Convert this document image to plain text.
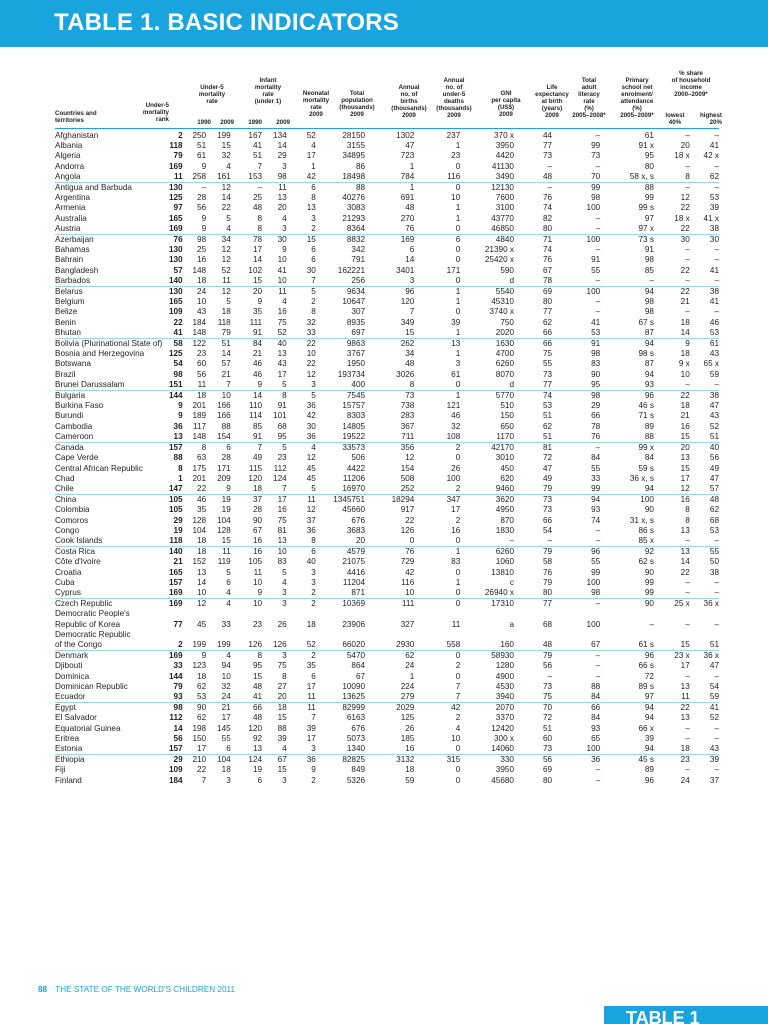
TABLE 1. BASIC INDICATORS
Countries and
territories
Under-5
mortality
rank
Under-5
mortality
rate
Infant
mortality
rate
(under 1)
Neonatal
mortality
rate
2009
Total
population
(thousands)
2009
Annual
no. of
births
(thousands)
2009
Annual
no. of
under-5
deaths
(thousands)
2009
GNI
per capita
(US$)
2009
Life
expectancy
at birth
(years)
2009
Total
adult
literacy
rate
(%)
2005–2008*
Primary
school net
enrolment/
attendance
(%)
2005–2009*
% share
of household
income
2000–2009*
1990	2009	1990	2009
lowest
40%
highest
20%
Afghanistan	2	250	199	167	134	52	28150	1302	237	370 x	44	–	61	–	–
Albania	118	51	15	41	14	4	3155	47	1	3950	77	99	91 x	20	41
Algeria	79	61	32	51	29	17	34895	723	23	4420	73	73	95	18 x	42 x
Andorra	169	9	4	7	3	1	86	1	0	41130	–	–	80	–	–
Angola	11	258	161	153	98	42	18498	784	116	3490	48	70	58 x, s	8	62
Antigua and Barbuda	130	–	12	–	11	6	88	1	0	12130	–	99	88	–	–
Argentina	125	28	14	25	13	8	40276	691	10	7600	76	98	99	12	53
Armenia	97	56	22	48	20	13	3083	48	1	3100	74	100	99 s	22	39
Australia	165	9	5	8	4	3	21293	270	1	43770	82	–	97	18 x	41 x
Austria	169	9	4	8	3	2	8364	76	0	46850	80	–	97 x	22	38
Azerbaijan	76	98	34	78	30	15	8832	169	6	4840	71	100	73 s	30	30
Bahamas	130	25	12	17	9	6	342	6	0	21390 x	74	–	91	–	–
Bahrain	130	16	12	14	10	6	791	14	0	25420 x	76	91	98	–	–
Bangladesh	57	148	52	102	41	30	162221	3401	171	590	67	55	85	22	41
Barbados	140	18	11	15	10	7	256	3	0	d	78	–	–	–	–
Belarus	130	24	12	20	11	5	9634	96	1	5540	69	100	94	22	38
Belgium	165	10	5	9	4	2	10647	120	1	45310	80	–	98	21	41
Belize	109	43	18	35	16	8	307	7	0	3740 x	77	–	98	–	–
Benin	22	184	118	111	75	32	8935	349	39	750	62	41	67 s	18	46
Bhutan	41	148	79	91	52	33	697	15	1	2020	66	53	87	14	53
Bolivia (Plurinational State of)	58	122	51	84	40	22	9863	262	13	1630	66	91	94	9	61
Bosnia and Herzegovina	125	23	14	21	13	10	3767	34	1	4700	75	98	98 s	18	43
Botswana	54	60	57	46	43	22	1950	48	3	6260	55	83	87	9 x	65 x
Brazil	98	56	21	46	17	12	193734	3026	61	8070	73	90	94	10	59
Brunei Darussalam	151	11	7	9	5	3	400	8	0	d	77	95	93	–	–
Bulgaria	144	18	10	14	8	5	7545	73	1	5770	74	98	96	22	38
Burkina Faso	9	201	166	110	91	36	15757	738	121	510	53	29	46 s	18	47
Burundi	9	189	166	114	101	42	8303	283	46	150	51	66	71 s	21	43
Cambodia	36	117	88	85	68	30	14805	367	32	650	62	78	89	16	52
Cameroon	13	148	154	91	95	36	19522	711	108	1170	51	76	88	15	51
Canada	157	8	6	7	5	4	33573	356	2	42170	81	–	99 x	20	40
Cape Verde	88	63	28	49	23	12	506	12	0	3010	72	84	84	13	56
Central African Republic	8	175	171	115	112	45	4422	154	26	450	47	55	59 s	15	49
Chad	1	201	209	120	124	45	11206	508	100	620	49	33	36 x, s	17	47
Chile	147	22	9	18	7	5	16970	252	2	9460	79	99	94	12	57
China	105	46	19	37	17	11	1345751	18294	347	3620	73	94	100	16	48
Colombia	105	35	19	28	16	12	45660	917	17	4950	73	93	90	8	62
Comoros	29	128	104	90	75	37	676	22	2	870	66	74	31 x, s	8	68
Congo	19	104	128	67	81	36	3683	126	16	1830	54	–	86 s	13	53
Cook Islands	118	18	15	16	13	8	20	0	0	–	–	–	85 x	–	–
Costa Rica	140	18	11	16	10	6	4579	76	1	6260	79	96	92	13	55
Côte d'Ivoire	21	152	119	105	83	40	21075	729	83	1060	58	55	62 s	14	50
Croatia	165	13	5	11	5	3	4416	42	0	13810	76	99	90	22	38
Cuba	157	14	6	10	4	3	11204	116	1	c	79	100	99	–	–
Cyprus	169	10	4	9	3	2	871	10	0	26940 x	80	98	99	–	–
Czech Republic	169	12	4	10	3	2	10369	111	0	17310	77	–	90	25 x	36 x
Democratic People's															
Republic of Korea	77	45	33	23	26	18	23906	327	11	a	68	100	–	–	–
Democratic Republic															
of the Congo	2	199	199	126	126	52	66020	2930	558	160	48	67	61 s	15	51
Denmark	169	9	4	8	3	2	5470	62	0	58930	79	–	96	23 x	36 x
Djibouti	33	123	94	95	75	35	864	24	2	1280	56	–	66 s	17	47
Dominica	144	18	10	15	8	6	67	1	0	4900	–	–	72	–	–
Dominican Republic	79	62	32	48	27	17	10090	224	7	4530	73	88	89 s	13	54
Ecuador	93	53	24	41	20	11	13625	279	7	3940	75	84	97	11	59
Egypt	98	90	21	66	18	11	82999	2029	42	2070	70	66	94	22	41
El Salvador	112	62	17	48	15	7	6163	125	2	3370	72	84	94	13	52
Equatorial Guinea	14	198	145	120	88	39	676	26	4	12420	51	93	66 x	–	–
Eritrea	56	150	55	92	39	17	5073	185	10	300 x	60	65	39	–	–
Estonia	157	17	6	13	4	3	1340	16	0	14060	73	100	94	18	43
Ethiopia	29	210	104	124	67	36	82825	3132	315	330	56	36	45 s	23	39
Fiji	109	22	18	19	15	9	849	18	0	3950	69	–	89	–	–
Finland	184	7	3	6	3	2	5326	59	0	45680	80	–	96	24	37
88 THE STATE OF THE WORLD'S CHILDREN 2011
TABLE 1
